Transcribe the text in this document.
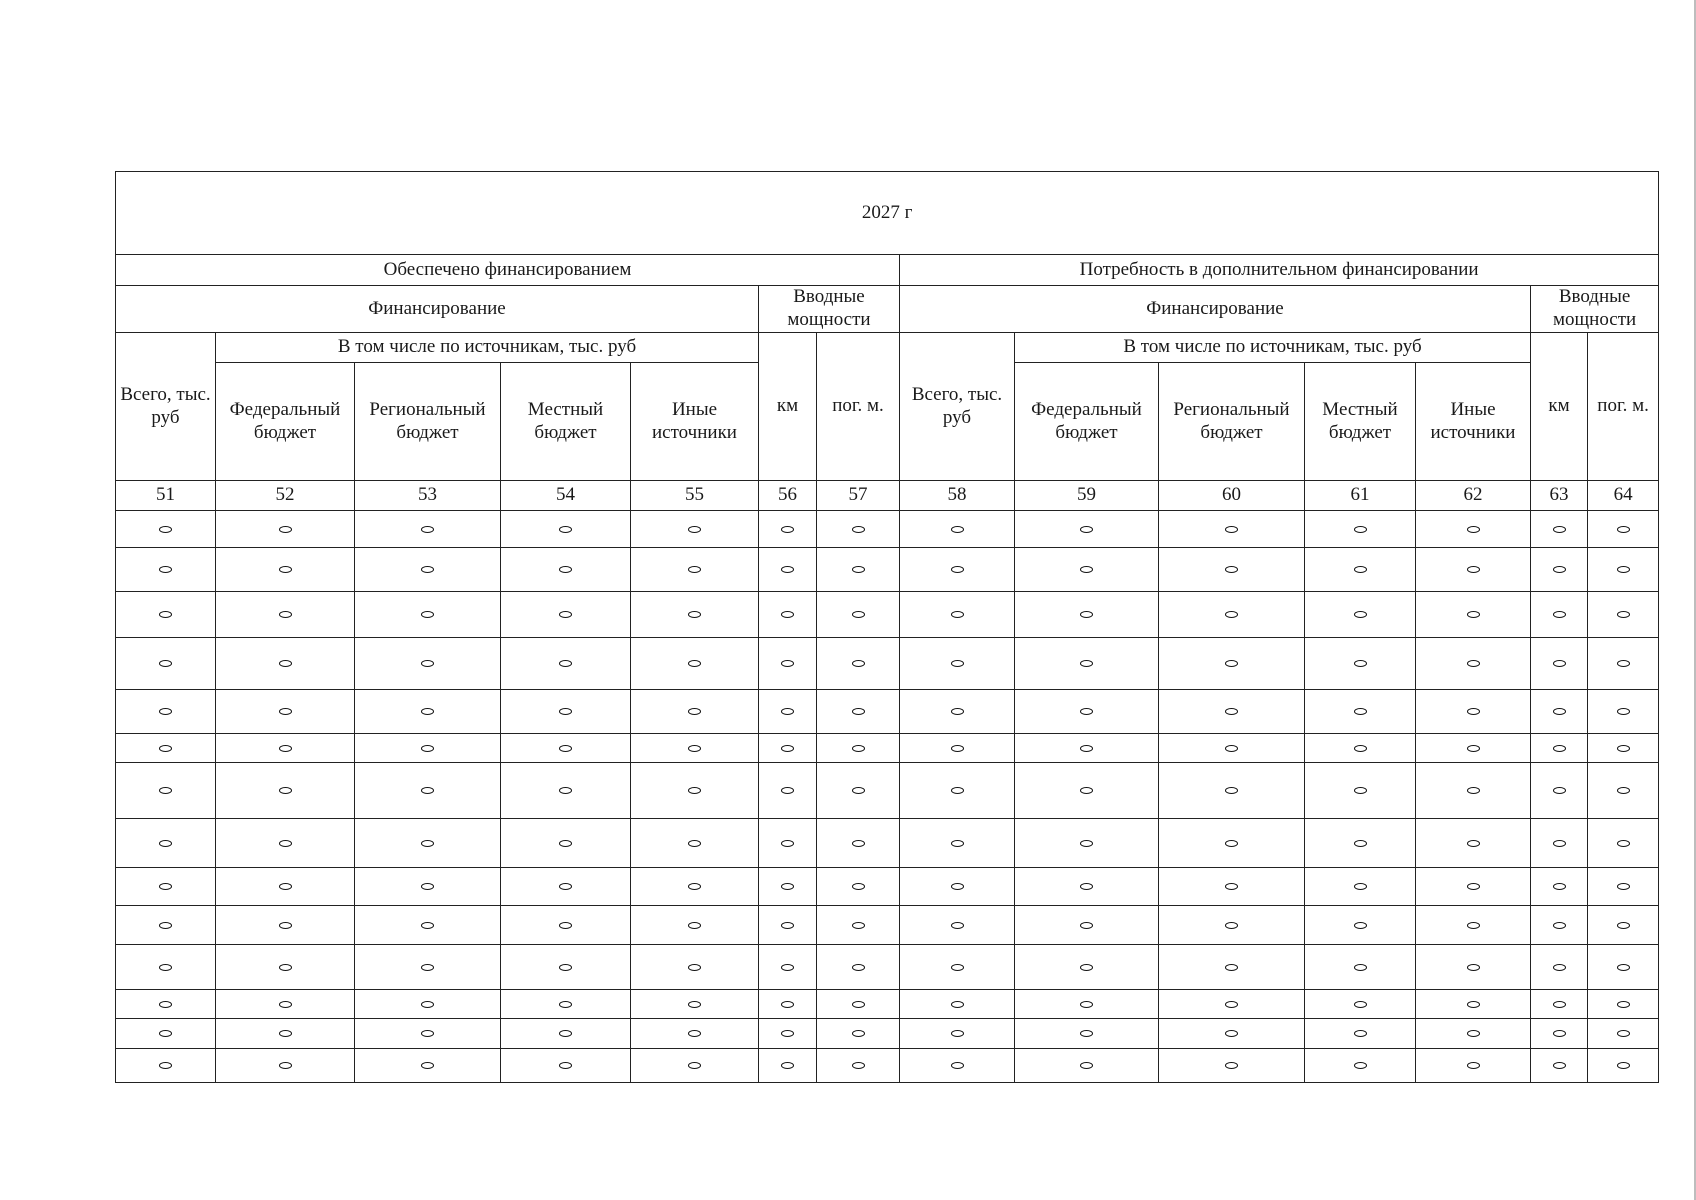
2027 г													
Обеспечено финансированием							Потребность в дополнительном финансировании						
Финансирование					Вводные мощности		Финансирование					Вводные мощности	
Всего, тыс. руб	В том числе по источникам, тыс. руб				км	пог. м.	Всего, тыс. руб	В том числе по источникам, тыс. руб				км	пог. м.
	Федеральный бюджет	Региональный бюджет	Местный бюджет	Иные источники				Федеральный бюджет	Региональный бюджет	Местный бюджет	Иные источники		
51	52	53	54	55	56	57	58	59	60	61	62	63	64
